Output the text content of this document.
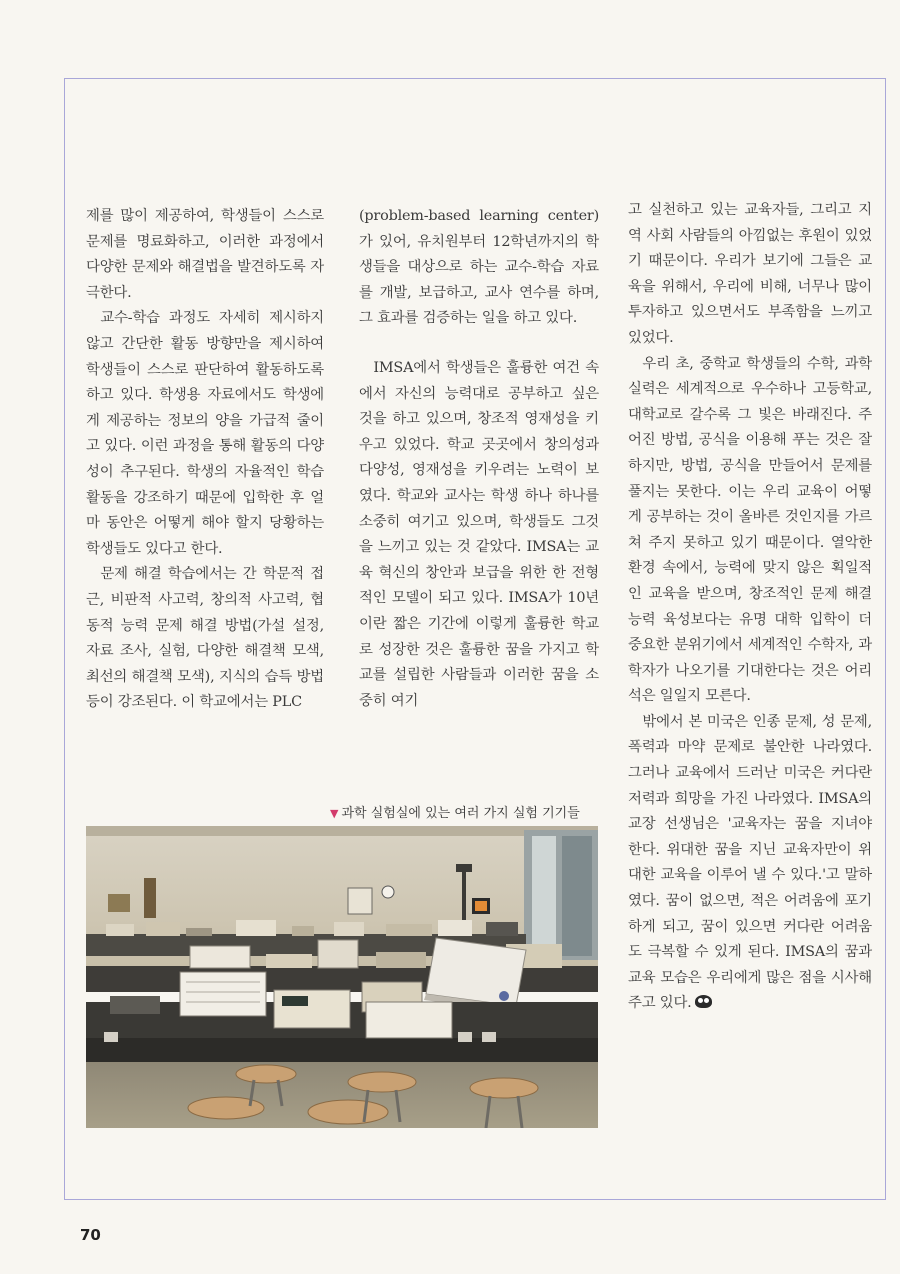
제를 많이 제공하여, 학생들이 스스로 문제를 명료화하고, 이러한 과정에서 다양한 문제와 해결법을 발견하도록 자극한다.

교수-학습 과정도 자세히 제시하지 않고 간단한 활동 방향만을 제시하여 학생들이 스스로 판단하여 활동하도록 하고 있다. 학생용 자료에서도 학생에게 제공하는 정보의 양을 가급적 줄이고 있다. 이런 과정을 통해 활동의 다양성이 추구된다. 학생의 자율적인 학습 활동을 강조하기 때문에 입학한 후 얼마 동안은 어떻게 해야 할지 당황하는 학생들도 있다고 한다.

문제 해결 학습에서는 간 학문적 접근, 비판적 사고력, 창의적 사고력, 협동적 능력 문제 해결 방법(가설 설정, 자료 조사, 실험, 다양한 해결책 모색, 최선의 해결책 모색), 지식의 습득 방법 등이 강조된다. 이 학교에서는 PLC

(problem-based learning center)가 있어, 유치원부터 12학년까지의 학생들을 대상으로 하는 교수-학습 자료를 개발, 보급하고, 교사 연수를 하며, 그 효과를 검증하는 일을 하고 있다.

IMSA에서 학생들은 훌륭한 여건 속에서 자신의 능력대로 공부하고 싶은 것을 하고 있으며, 창조적 영재성을 키우고 있었다. 학교 곳곳에서 창의성과 다양성, 영재성을 키우려는 노력이 보였다. 학교와 교사는 학생 하나 하나를 소중히 여기고 있으며, 학생들도 그것을 느끼고 있는 것 같았다. IMSA는 교육 혁신의 창안과 보급을 위한 한 전형적인 모델이 되고 있다. IMSA가 10년이란 짧은 기간에 이렇게 훌륭한 학교로 성장한 것은 훌륭한 꿈을 가지고 학교를 설립한 사람들과 이러한 꿈을 소중히 여기

고 실천하고 있는 교육자들, 그리고 지역 사회 사람들의 아낌없는 후원이 있었기 때문이다. 우리가 보기에 그들은 교육을 위해서, 우리에 비해, 너무나 많이 투자하고 있으면서도 부족함을 느끼고 있었다.

우리 초, 중학교 학생들의 수학, 과학 실력은 세계적으로 우수하나 고등학교, 대학교로 갈수록 그 빛은 바래진다. 주어진 방법, 공식을 이용해 푸는 것은 잘 하지만, 방법, 공식을 만들어서 문제를 풀지는 못한다. 이는 우리 교육이 어떻게 공부하는 것이 올바른 것인지를 가르쳐 주지 못하고 있기 때문이다. 열악한 환경 속에서, 능력에 맞지 않은 획일적인 교육을 받으며, 창조적인 문제 해결 능력 육성보다는 유명 대학 입학이 더 중요한 분위기에서 세계적인 수학자, 과학자가 나오기를 기대한다는 것은 어리석은 일일지 모른다.

밖에서 본 미국은 인종 문제, 성 문제, 폭력과 마약 문제로 불안한 나라였다. 그러나 교육에서 드러난 미국은 커다란 저력과 희망을 가진 나라였다. IMSA의 교장 선생님은 '교육자는 꿈을 지녀야 한다. 위대한 꿈을 지닌 교육자만이 위대한 교육을 이루어 낼 수 있다.'고 말하였다. 꿈이 없으면, 적은 어려움에 포기하게 되고, 꿈이 있으면 커다란 어려움도 극복할 수 있게 된다. IMSA의 꿈과 교육 모습은 우리에게 많은 점을 시사해 주고 있다.

▼ 과학 실험실에 있는 여러 가지 실험 기기들
70
